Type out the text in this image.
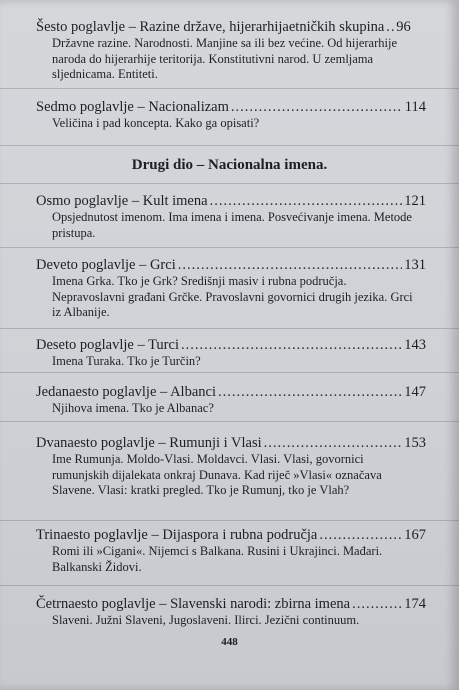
Šesto poglavlje – Razine države, hijerarhijaetničkih skupina ..... 96
Državne razine. Narodnosti. Manjine sa ili bez većine. Od hijerarhije naroda do hijerarhije teritorija. Konstitutivni narod. U zemljama sljednicama. Entiteti.
Sedmo poglavlje – Nacionalizam .....	114
Veličina i pad koncepta. Kako ga opisati?
Drugi dio – Nacionalna imena.
Osmo poglavlje – Kult imena .....	121
Opsjednutost imenom. Ima imena i imena. Posvećivanje imena. Metode pristupa.
Deveto poglavlje – Grci .....	131
Imena Grka. Tko je Grk? Središnji masiv i rubna područja. Nepravoslavni građani Grčke. Pravoslavni govornici drugih jezika. Grci iz Albanije.
Deseto poglavlje – Turci .....	143
Imena Turaka. Tko je Turčin?
Jedanaesto poglavlje – Albanci .....	147
Njihova imena. Tko je Albanac?
Dvanaesto poglavlje – Rumunji i Vlasi .....	153
Ime Rumunja. Moldo-Vlasi. Moldavci. Vlasi. Vlasi, govornici rumunjskih dijalekata onkraj Dunava. Kad riječ »Vlasi« označava Slavene. Vlasi: kratki pregled. Tko je Rumunj, tko je Vlah?
Trinaesto poglavlje – Dijaspora i rubna područja .....	167
Romi ili »Cigani«. Nijemci s Balkana. Rusini i Ukrajinci. Mađari. Balkanski Židovi.
Četrnaesto poglavlje – Slavenski narodi: zbirna imena .....	174
Slaveni. Južni Slaveni, Jugoslaveni. Ilirci. Jezični continuum.
448
